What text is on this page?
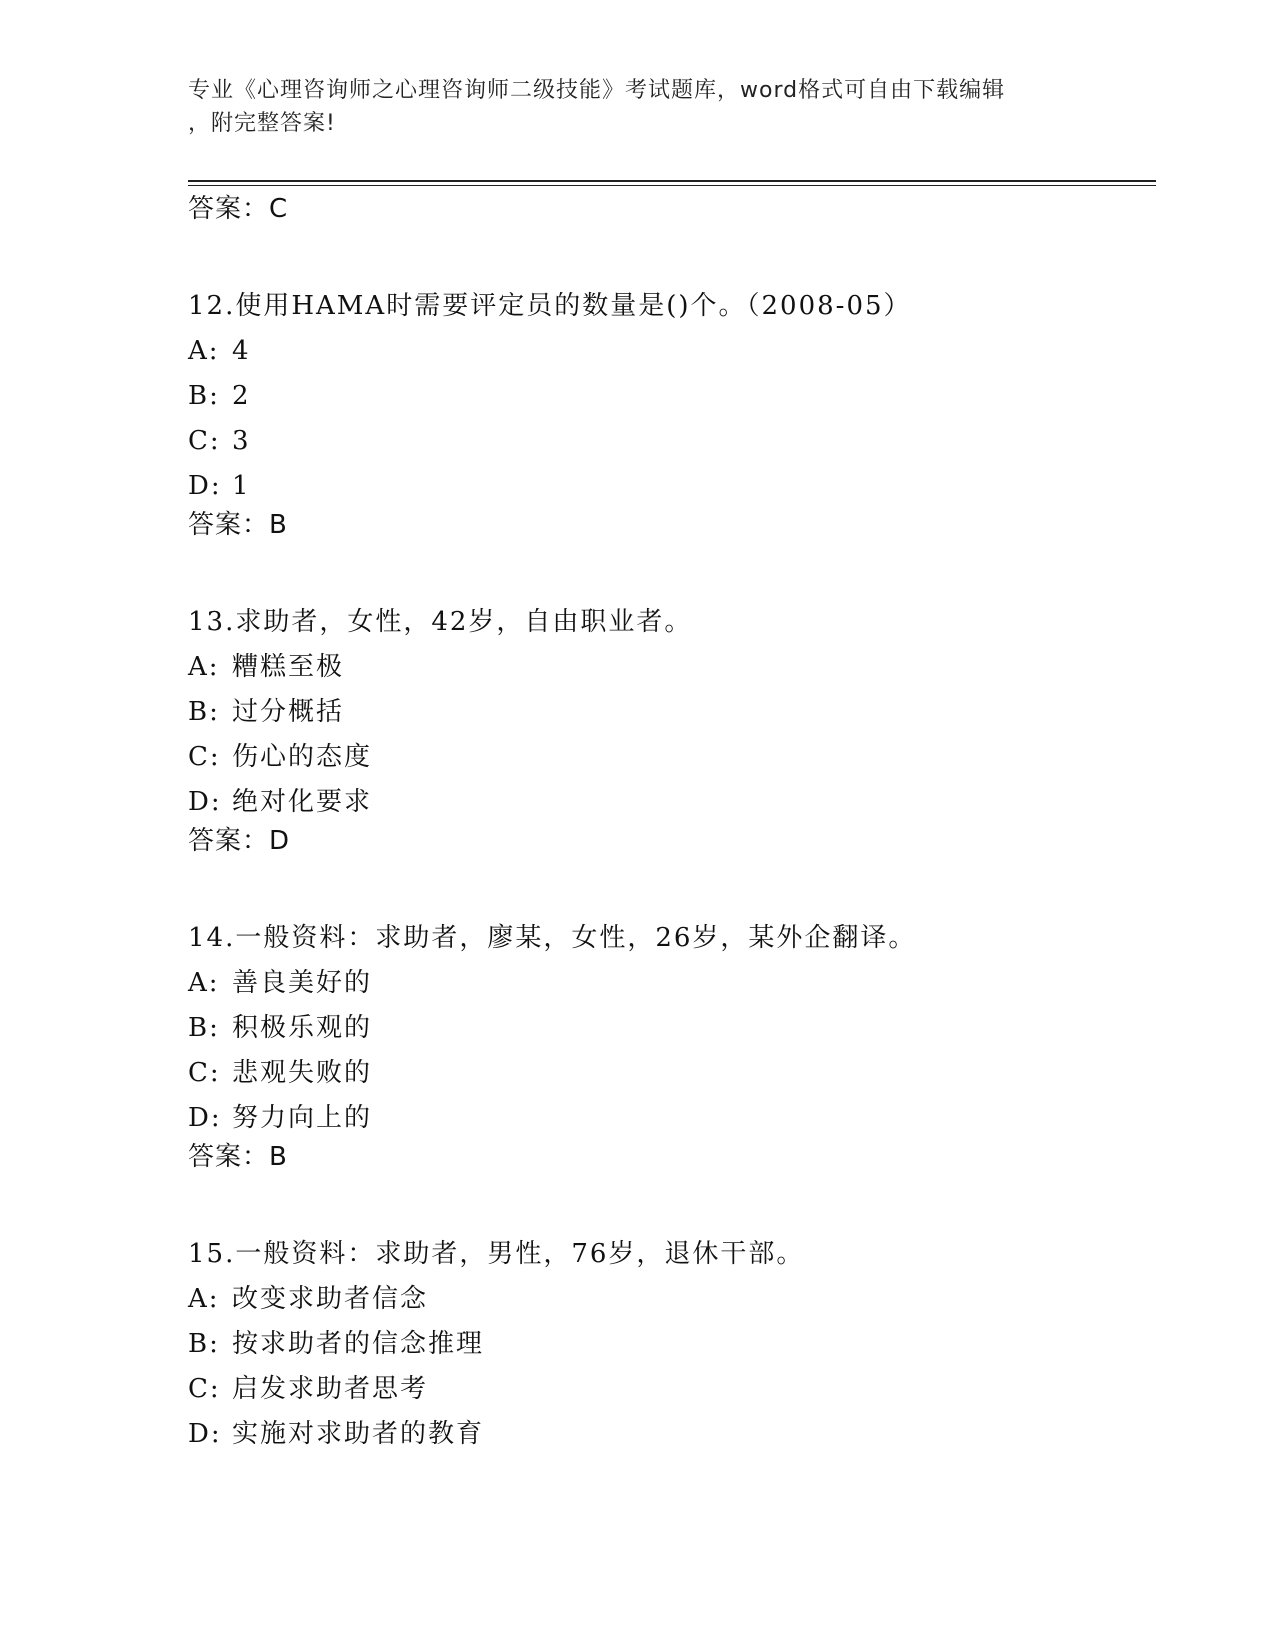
专业《心理咨询师之心理咨询师二级技能》考试题库，word格式可自由下载编辑
，附完整答案!
答案：C
12.使用HAMA时需要评定员的数量是()个。（2008-05）
A: 4
B: 2
C: 3
D: 1
答案：B
13.求助者，女性，42岁，自由职业者。
A: 糟糕至极
B: 过分概括
C: 伤心的态度
D: 绝对化要求
答案：D
14.一般资料：求助者，廖某，女性，26岁，某外企翻译。
A: 善良美好的
B: 积极乐观的
C: 悲观失败的
D: 努力向上的
答案：B
15.一般资料：求助者，男性，76岁，退休干部。
A: 改变求助者信念
B: 按求助者的信念推理
C: 启发求助者思考
D: 实施对求助者的教育
